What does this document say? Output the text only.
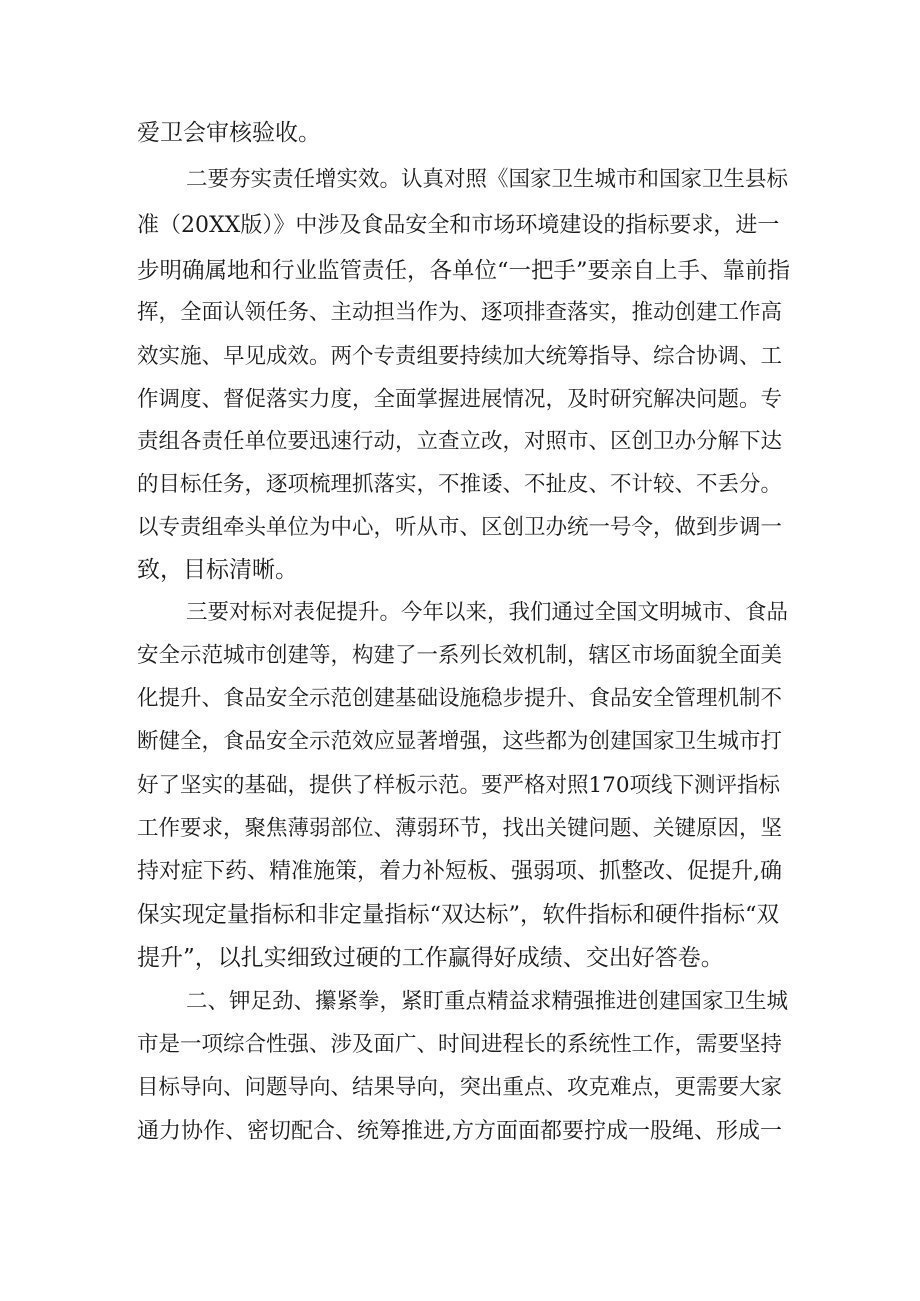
爱卫会审核验收。

二要夯实责任增实效。认真对照《国家卫生城市和国家卫生县标

准（20XX版）》中涉及食品安全和市场环境建设的指标要求，进一

步明确属地和行业监管责任，各单位“一把手”要亲自上手、靠前指

挥，全面认领任务、主动担当作为、逐项排查落实，推动创建工作高

效实施、早见成效。两个专责组要持续加大统筹指导、综合协调、工

作调度、督促落实力度，全面掌握进展情况，及时研究解决问题。专

责组各责任单位要迅速行动，立查立改，对照市、区创卫办分解下达

的目标任务，逐项梳理抓落实，不推诿、不扯皮、不计较、不丢分。

以专责组牵头单位为中心，听从市、区创卫办统一号令，做到步调一

致，目标清晰。

三要对标对表促提升。今年以来，我们通过全国文明城市、食品

安全示范城市创建等，构建了一系列长效机制，辖区市场面貌全面美

化提升、食品安全示范创建基础设施稳步提升、食品安全管理机制不

断健全，食品安全示范效应显著增强，这些都为创建国家卫生城市打

好了坚实的基础，提供了样板示范。要严格对照170项线下测评指标

工作要求，聚焦薄弱部位、薄弱环节，找出关键问题、关键原因，坚

持对症下药、精准施策，着力补短板、强弱项、抓整改、促提升,确

保实现定量指标和非定量指标“双达标”，软件指标和硬件指标“双

提升”，以扎实细致过硬的工作赢得好成绩、交出好答卷。

二、钾足劲、攥紧拳，紧盯重点精益求精强推进创建国家卫生城

市是一项综合性强、涉及面广、时间进程长的系统性工作，需要坚持

目标导向、问题导向、结果导向，突出重点、攻克难点，更需要大家

通力协作、密切配合、统筹推进,方方面面都要拧成一股绳、形成一
